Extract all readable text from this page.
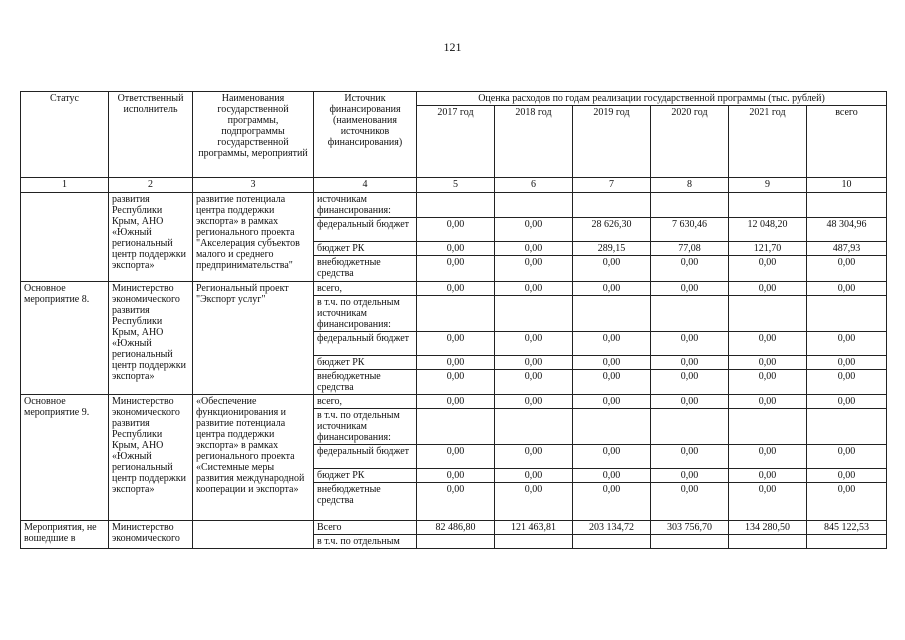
121
Статус	Ответственный исполнитель	Наименования государственной программы, подпрограммы государственной программы, мероприятий	Источник финансирования (наименования источников финансирования)	Оценка расходов по годам реализации государственной программы (тыс. рублей)					
				2017 год	2018 год	2019 год	2020 год	2021 год	всего
1	2	3	4	5	6	7	8	9	10
	развития Республики Крым, АНО «Южный региональный центр поддержки экспорта»	развитие потенциала центра поддержки экспорта» в рамках регионального проекта "Акселерация субъектов малого и среднего предпринимательства"	источникам финансирования:						
			федеральный бюджет	0,00	0,00	28 626,30	7 630,46	12 048,20	48 304,96
			бюджет РК	0,00	0,00	289,15	77,08	121,70	487,93
			внебюджетные средства	0,00	0,00	0,00	0,00	0,00	0,00
Основное мероприятие 8.	Министерство экономического развития Республики Крым, АНО «Южный региональный центр поддержки экспорта»	Региональный проект "Экспорт услуг"	всего,	0,00	0,00	0,00	0,00	0,00	0,00
			в т.ч. по отдельным источникам финансирования:						
			федеральный бюджет	0,00	0,00	0,00	0,00	0,00	0,00
			бюджет РК	0,00	0,00	0,00	0,00	0,00	0,00
			внебюджетные средства	0,00	0,00	0,00	0,00	0,00	0,00
Основное мероприятие 9.	Министерство экономического развития Республики Крым, АНО «Южный региональный центр поддержки экспорта»	«Обеспечение функционирования и развитие потенциала центра поддержки экспорта» в рамках регионального проекта «Системные меры развития международной кооперации и экспорта»	всего,	0,00	0,00	0,00	0,00	0,00	0,00
			в т.ч. по отдельным источникам финансирования:						
			федеральный бюджет	0,00	0,00	0,00	0,00	0,00	0,00
			бюджет РК	0,00	0,00	0,00	0,00	0,00	0,00
			внебюджетные средства	0,00	0,00	0,00	0,00	0,00	0,00
Мероприятия, не вошедшие в	Министерство экономического		Всего	82 486,80	121 463,81	203 134,72	303 756,70	134 280,50	845 122,53
			в т.ч. по отдельным						
